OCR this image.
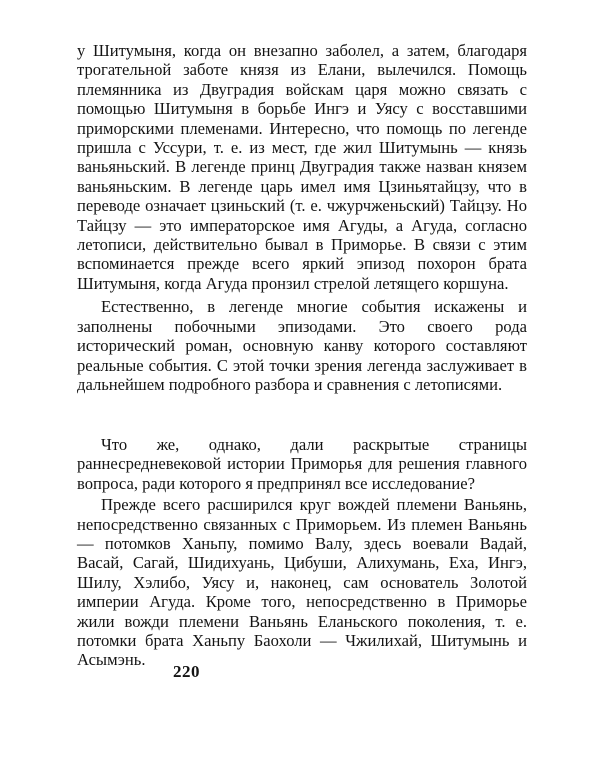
у Шитумыня, когда он внезапно заболел, а затем, благодаря трогательной заботе князя из Елани, вылечился. Помощь племянника из Двуградия войскам царя можно связать с помощью Шитумыня в борьбе Ингэ и Уясу с восставшими приморскими племенами. Интересно, что помощь по легенде пришла с Уссури, т. е. из мест, где жил Шитумынь — князь ваньяньский. В легенде принц Двуградия также назван князем ваньяньским. В легенде царь имел имя Цзиньятайцзу, что в переводе означает цзиньский (т. е. чжурчженьский) Тайцзу. Но Тайцзу — это императорское имя Агуды, а Агуда, согласно летописи, действительно бывал в Приморье. В связи с этим вспоминается прежде всего яркий эпизод похорон брата Шитумыня, когда Агуда пронзил стрелой летящего коршуна.

Естественно, в легенде многие события искажены и заполнены побочными эпизодами. Это своего рода исторический роман, основную канву которого составляют реальные события. С этой точки зрения легенда заслуживает в дальнейшем подробного разбора и сравнения с летописями.

Что же, однако, дали раскрытые страницы раннесредневековой истории Приморья для решения главного вопроса, ради которого я предпринял все исследование?

Прежде всего расширился круг вождей племени Ваньянь, непосредственно связанных с Приморьем. Из племен Ваньянь — потомков Ханьпу, помимо Валу, здесь воевали Вадай, Васай, Сагай, Шидихуань, Цибуши, Алихумань, Еха, Ингэ, Шилу, Хэлибо, Уясу и, наконец, сам основатель Золотой империи Агуда. Кроме того, непосредственно в Приморье жили вожди племени Ваньянь Еланьского поколения, т. е. потомки брата Ханьпу Баохоли — Чжилихай, Шитумынь и Асымэнь.

220
